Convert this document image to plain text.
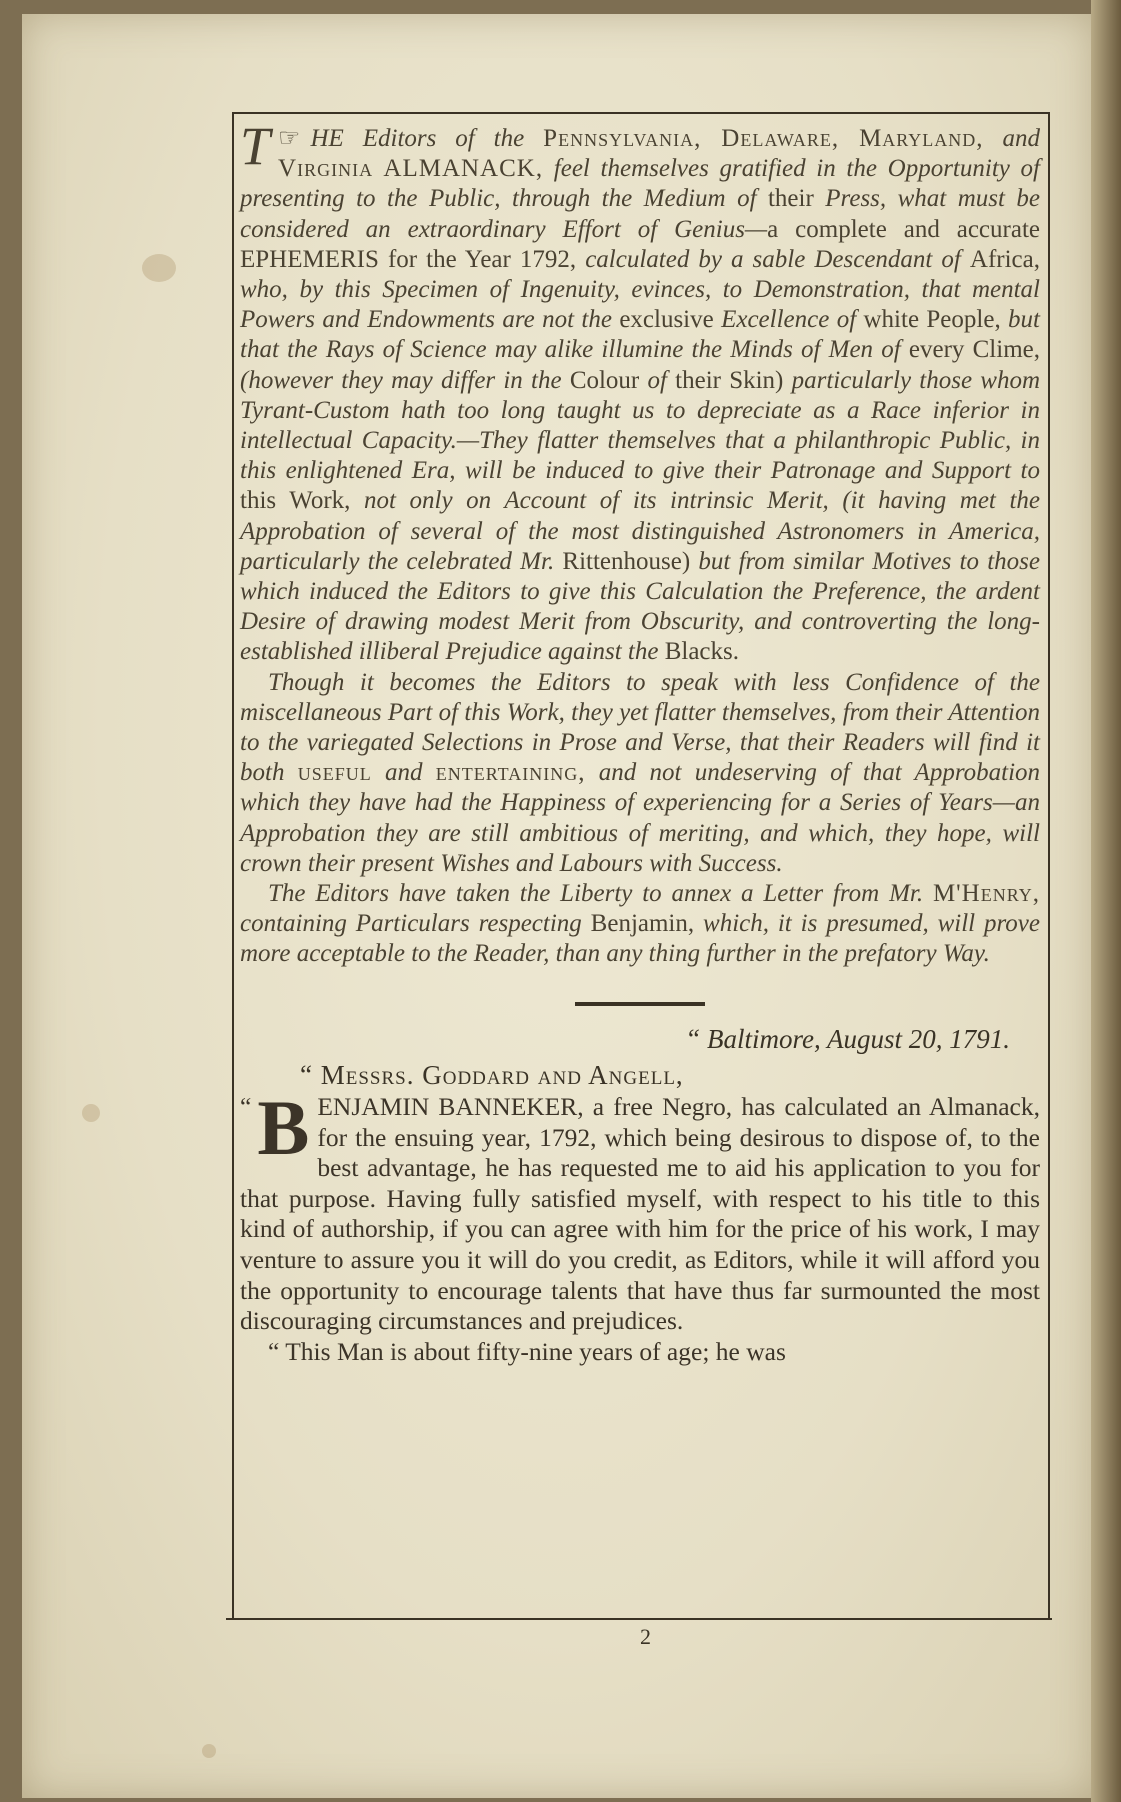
☞
T HE Editors of the Pennsylvania, Delaware, Maryland, and Virginia ALMANACK, feel themselves gratified in the Opportunity of presenting to the Public, through the Medium of their Press, what must be considered an extraordinary Effort of Genius—a complete and accurate EPHEMERIS for the Year 1792, calculated by a sable Descendant of Africa, who, by this Specimen of Ingenuity, evinces, to Demonstration, that mental Powers and Endowments are not the exclusive Excellence of white People, but that the Rays of Science may alike illumine the Minds of Men of every Clime, (however they may differ in the Colour of their Skin) particularly those whom Tyrant-Custom hath too long taught us to depreciate as a Race inferior in intellectual Capacity.—They flatter themselves that a philanthropic Public, in this enlightened Era, will be induced to give their Patronage and Support to this Work, not only on Account of its intrinsic Merit, (it having met the Approbation of several of the most distinguished Astronomers in America, particularly the celebrated Mr. Rittenhouse) but from similar Motives to those which induced the Editors to give this Calculation the Preference, the ardent Desire of drawing modest Merit from Obscurity, and controverting the long-established illiberal Prejudice against the Blacks.

Though it becomes the Editors to speak with less Confidence of the miscellaneous Part of this Work, they yet flatter themselves, from their Attention to the variegated Selections in Prose and Verse, that their Readers will find it both useful and entertaining, and not undeserving of that Approbation which they have had the Happiness of experiencing for a Series of Years—an Approbation they are still ambitious of meriting, and which, they hope, will crown their present Wishes and Labours with Success.

The Editors have taken the Liberty to annex a Letter from Mr. M'Henry, containing Particulars respecting Benjamin, which, it is presumed, will prove more acceptable to the Reader, than any thing further in the prefatory Way.

“ Baltimore, August 20, 1791.
“ Messrs. Goddard and Angell,

“ B ENJAMIN BANNEKER, a free Negro, has calculated an Almanack, for the ensuing year, 1792, which being desirous to dispose of, to the best advantage, he has requested me to aid his application to you for that purpose. Having fully satisfied myself, with respect to his title to this kind of authorship, if you can agree with him for the price of his work, I may venture to assure you it will do you credit, as Editors, while it will afford you the opportunity to encourage talents that have thus far surmounted the most discouraging circumstances and prejudices.

“ This Man is about fifty-nine years of age; he was

2
